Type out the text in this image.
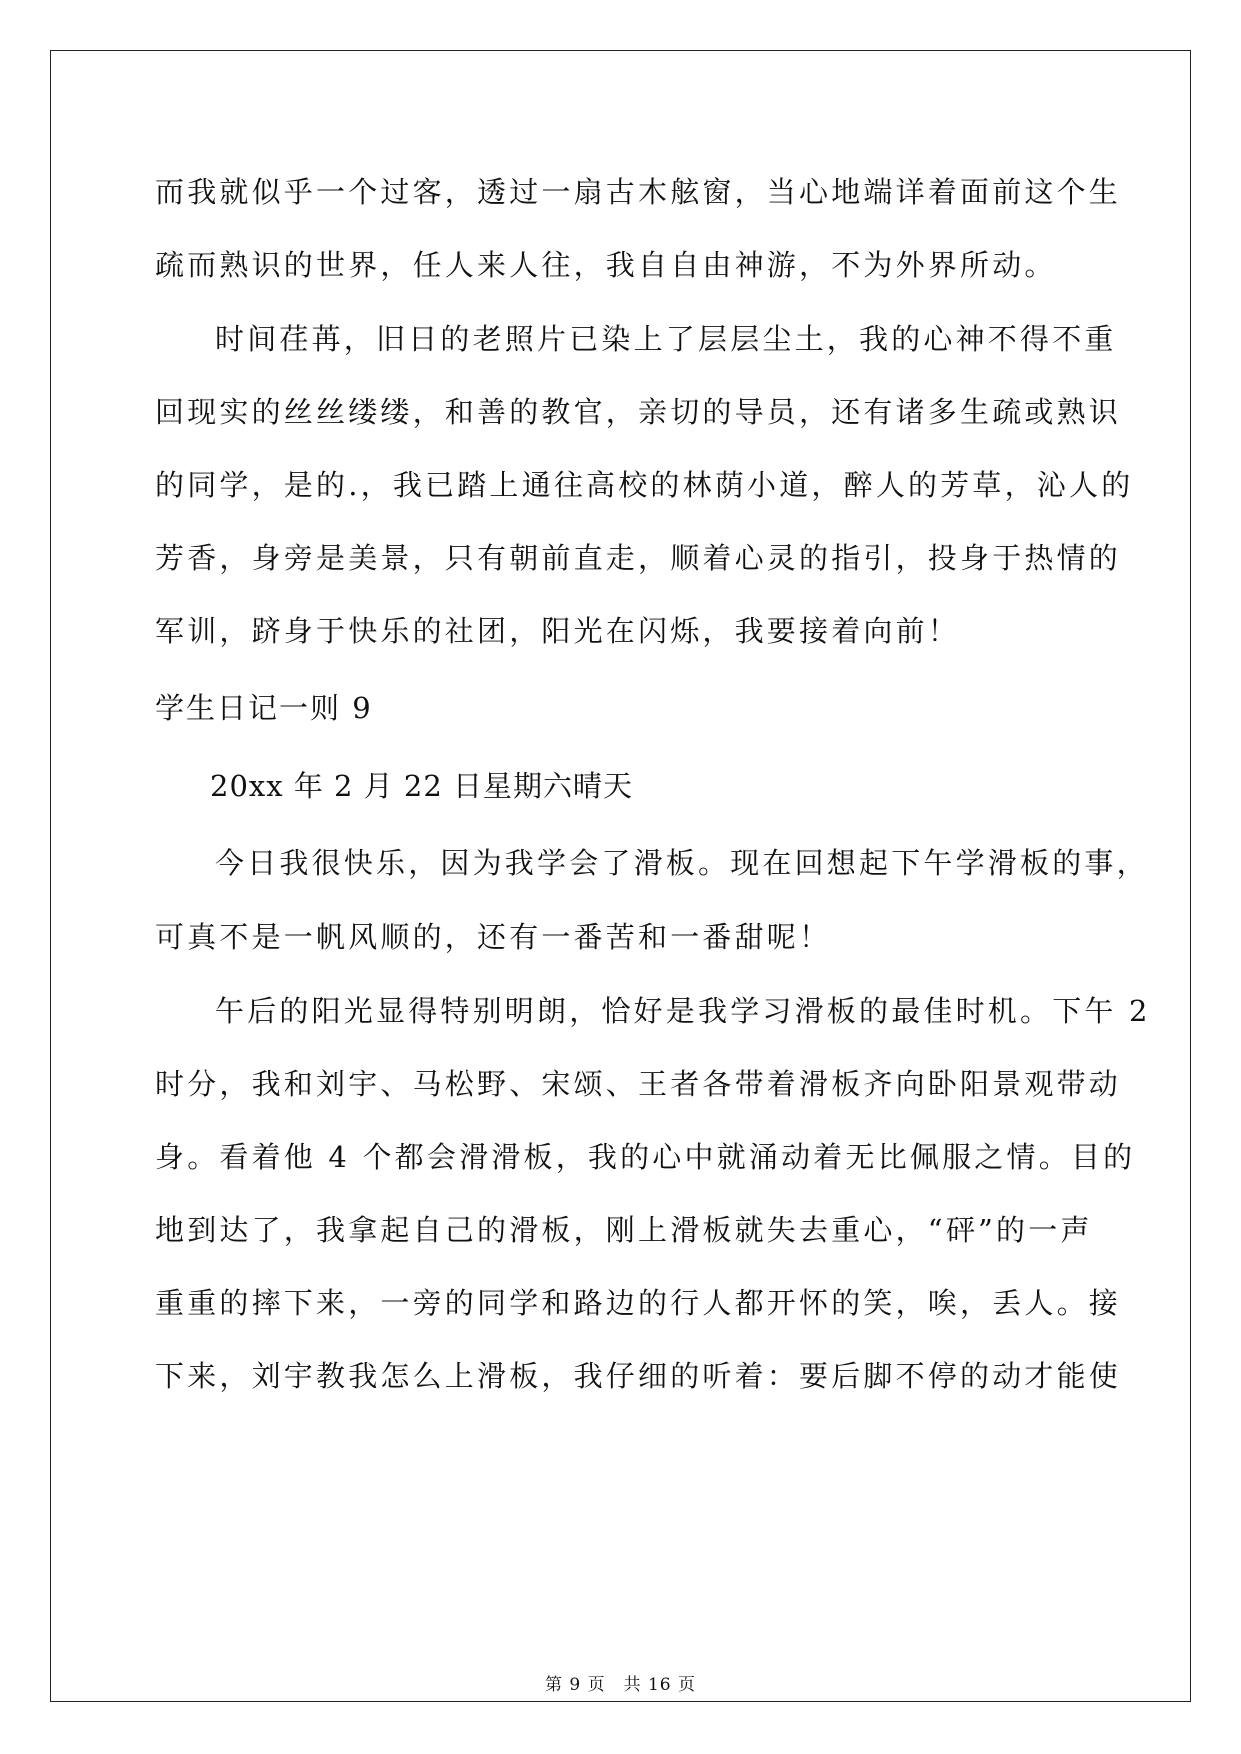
而我就似乎一个过客，透过一扇古木舷窗，当心地端详着面前这个生
疏而熟识的世界，任人来人往，我自自由神游，不为外界所动。
时间荏苒，旧日的老照片已染上了层层尘土，我的心神不得不重
回现实的丝丝缕缕，和善的教官，亲切的导员，还有诸多生疏或熟识
的同学，是的.，我已踏上通往高校的林荫小道，醉人的芳草，沁人的
芳香，身旁是美景，只有朝前直走，顺着心灵的指引，投身于热情的
军训，跻身于快乐的社团，阳光在闪烁，我要接着向前！
学生日记一则 9
20xx 年 2 月 22 日星期六晴天
今日我很快乐，因为我学会了滑板。现在回想起下午学滑板的事，
可真不是一帆风顺的，还有一番苦和一番甜呢！
午后的阳光显得特别明朗，恰好是我学习滑板的最佳时机。下午 2
时分，我和刘宇、马松野、宋颂、王者各带着滑板齐向卧阳景观带动
身。看着他 4 个都会滑滑板，我的心中就涌动着无比佩服之情。目的
地到达了，我拿起自己的滑板，刚上滑板就失去重心，“砰”的一声
重重的摔下来，一旁的同学和路边的行人都开怀的笑，唉，丢人。接
下来，刘宇教我怎么上滑板，我仔细的听着：要后脚不停的动才能使
第 9 页　共 16 页
